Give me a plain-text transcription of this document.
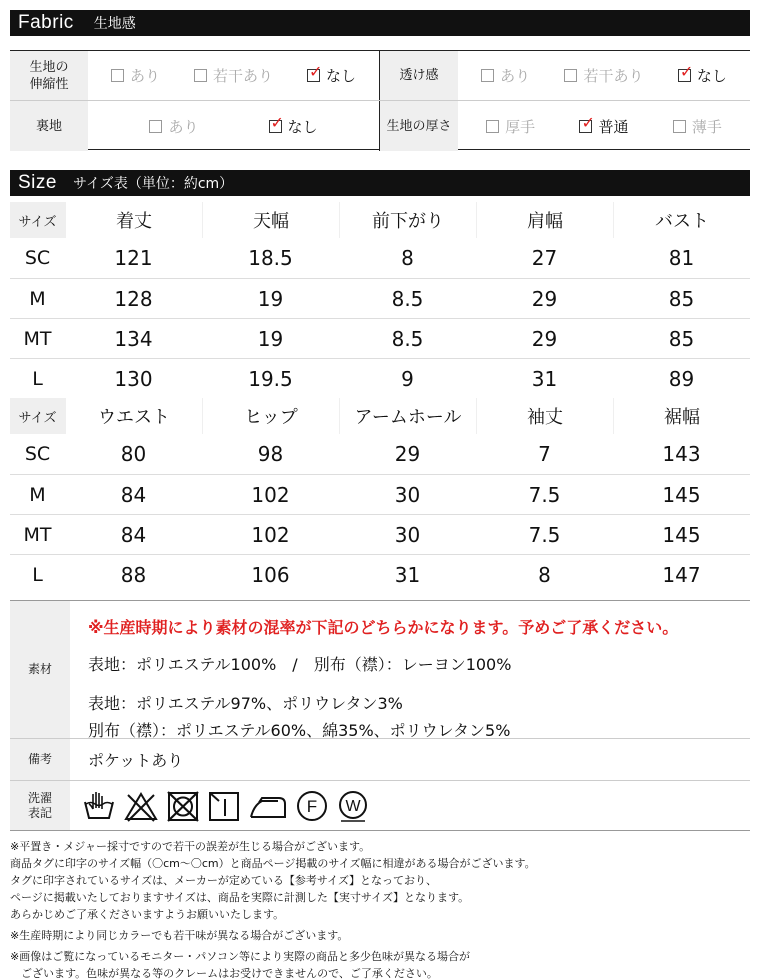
Fabric 生地感
生地の伸縮性	あり	若干あり ✓ なし	透け感	あり	若干あり ✓ なし
裏地	あり	✓ なし	生地の厚さ	厚手	✓ 普通	薄手
Size サイズ表（単位：約cm）
サイズ	着丈	天幅	前下がり	肩幅	バスト
SC	121	18.5	8	27	81
M	128	19	8.5	29	85
MT	134	19	8.5	29	85
L	130	19.5	9	31	89
サイズ	ウエスト	ヒップ	アームホール	袖丈	裾幅
SC	80	98	29	7	143
M	84	102	30	7.5	145
MT	84	102	30	7.5	145
L	88	106	31	8	147
素材
※生産時期により素材の混率が下記のどちらかになります。予めご了承ください。
表地：ポリエステル100%　/　別布（襟）：レーヨン100%
表地：ポリエステル97%、ポリウレタン3%
別布（襟）：ポリエステル60%、綿35%、ポリウレタン5%
備考	ポケットあり
洗濯表記	F W
※平置き・メジャー採寸ですので若干の誤差が生じる場合がございます。
商品タグに印字のサイズ幅（〇cm〜〇cm）と商品ページ掲載のサイズ幅に相違がある場合がございます。
タグに印字されているサイズは、メーカーが定めている【参考サイズ】となっており、
ページに掲載いたしておりますサイズは、商品を実際に計測した【実寸サイズ】となります。
あらかじめご了承くださいますようお願いいたします。
※生産時期により同じカラーでも若干味が異なる場合がございます。
※画像はご覧になっているモニター・パソコン等により実際の商品と多少色味が異なる場合が
　ございます。色味が異なる等のクレームはお受けできませんので、ご了承ください。
